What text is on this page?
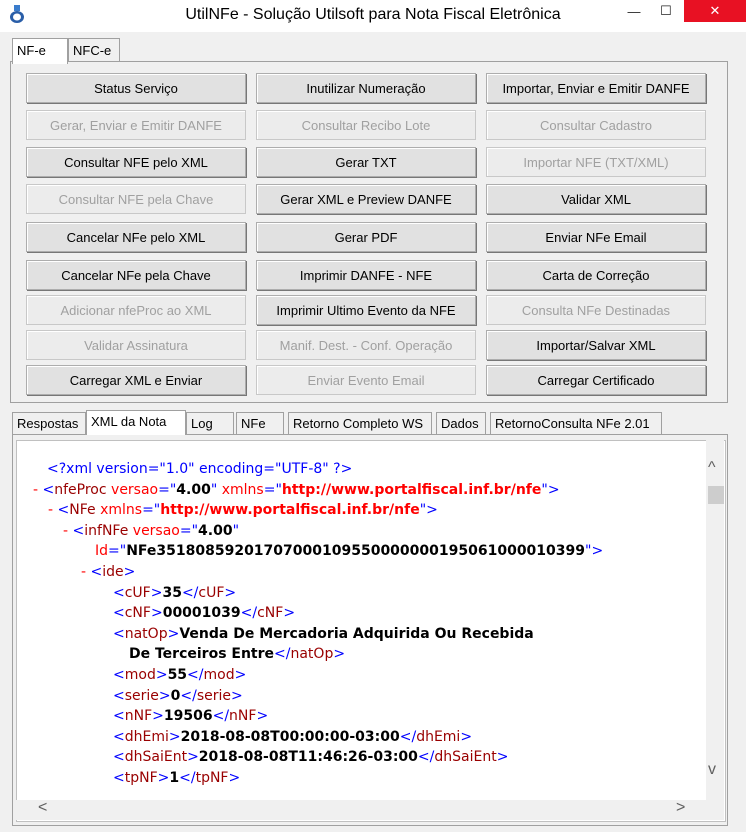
UtilNFe - Solução Utilsoft para Nota Fiscal Eletrônica	— ☐	✕
NF-e	NFC-e
Status Serviço	Inutilizar Numeração	Importar, Enviar e Emitir DANFE
Gerar, Enviar e Emitir DANFE	Consultar Recibo Lote	Consultar Cadastro
Consultar NFE pelo XML	Gerar TXT	Importar NFE (TXT/XML)
Consultar NFE pela Chave	Gerar XML e Preview DANFE	Validar XML
Cancelar NFe pelo XML	Gerar PDF	Enviar NFe Email
Cancelar NFe pela Chave	Imprimir DANFE - NFE	Carta de Correção
Adicionar nfeProc ao XML	Imprimir Ultimo Evento da NFE	Consulta NFe Destinadas
Validar Assinatura	Manif. Dest. - Conf. Operação	Importar/Salvar XML
Carregar XML e Enviar	Enviar Evento Email	Carregar Certificado
Respostas XML da Nota	Log	NFe	Retorno Completo WS	Dados	RetornoConsulta NFe 2.01
<?xml version="1.0" encoding="UTF-8" ?>
- <nfeProc versao="4.00" xmlns="http://www.portalfiscal.inf.br/nfe">
- <NFe xmlns="http://www.portalfiscal.inf.br/nfe">
- <infNFe versao="4.00"
Id="NFe35180859201707000109550000000195061000010399">
- <ide>
<cUF>35</cUF>
<cNF>00001039</cNF>
<natOp>Venda De Mercadoria Adquirida Ou Recebida
De Terceiros Entre</natOp>
<mod>55</mod>
<serie>0</serie>
<nNF>19506</nNF>
<dhEmi>2018-08-08T00:00:00-03:00</dhEmi>
<dhSaiEnt>2018-08-08T11:46:26-03:00</dhSaiEnt>
<tpNF>1</tpNF>
^
v
<	>
